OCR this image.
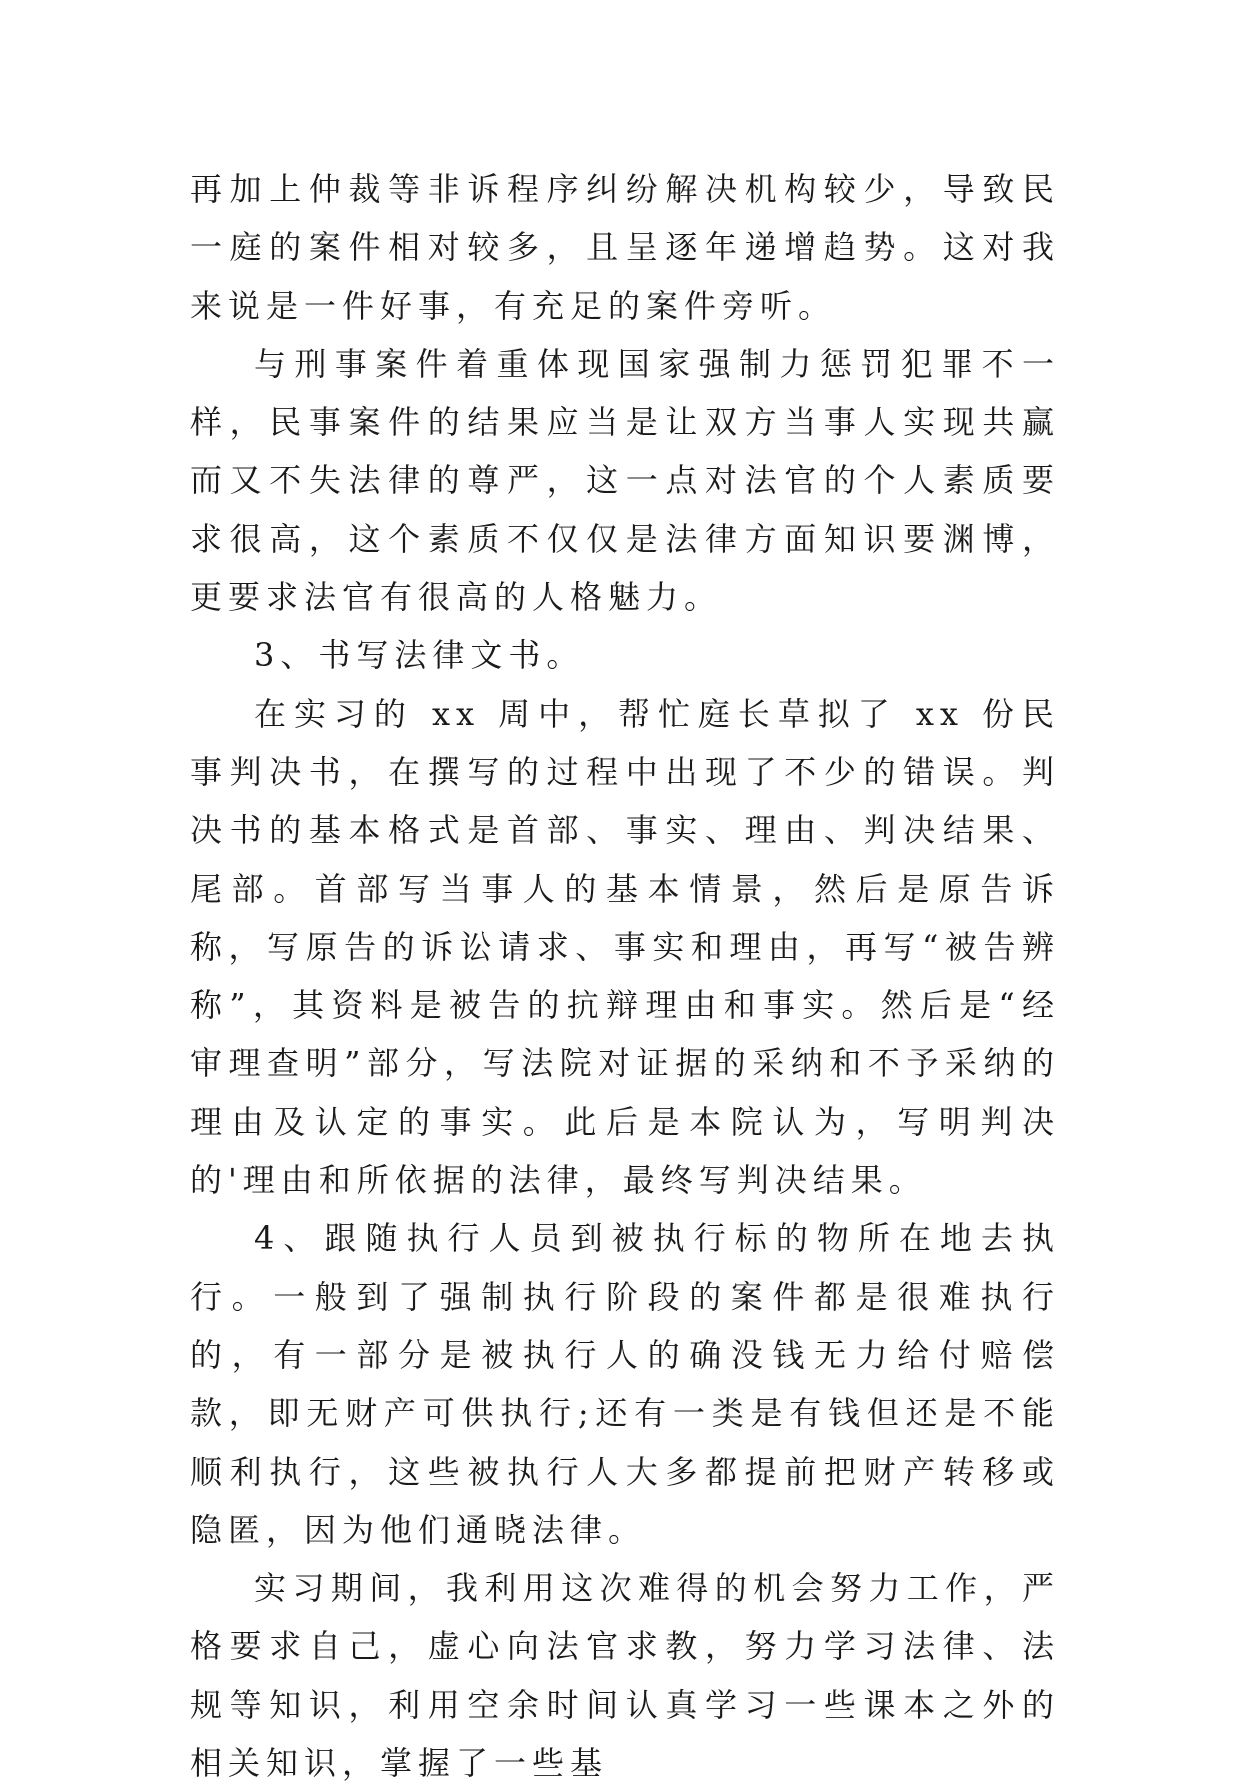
再加上仲裁等非诉程序纠纷解决机构较少，导致民一庭的案件相对较多，且呈逐年递增趋势。这对我来说是一件好事，有充足的案件旁听。

与刑事案件着重体现国家强制力惩罚犯罪不一样，民事案件的结果应当是让双方当事人实现共赢而又不失法律的尊严，这一点对法官的个人素质要求很高，这个素质不仅仅是法律方面知识要渊博，更要求法官有很高的人格魅力。

3、书写法律文书。

在实习的 xx 周中，帮忙庭长草拟了 xx 份民事判决书，在撰写的过程中出现了不少的错误。判决书的基本格式是首部、事实、理由、判决结果、尾部。首部写当事人的基本情景，然后是原告诉称，写原告的诉讼请求、事实和理由，再写“被告辨称”，其资料是被告的抗辩理由和事实。然后是“经审理查明”部分，写法院对证据的采纳和不予采纳的理由及认定的事实。此后是本院认为，写明判决的'理由和所依据的法律，最终写判决结果。

4、跟随执行人员到被执行标的物所在地去执行。一般到了强制执行阶段的案件都是很难执行的，有一部分是被执行人的确没钱无力给付赔偿款，即无财产可供执行;还有一类是有钱但还是不能顺利执行，这些被执行人大多都提前把财产转移或隐匿，因为他们通晓法律。

实习期间，我利用这次难得的机会努力工作，严格要求自己，虚心向法官求教，努力学习法律、法规等知识，利用空余时间认真学习一些课本之外的相关知识，掌握了一些基
